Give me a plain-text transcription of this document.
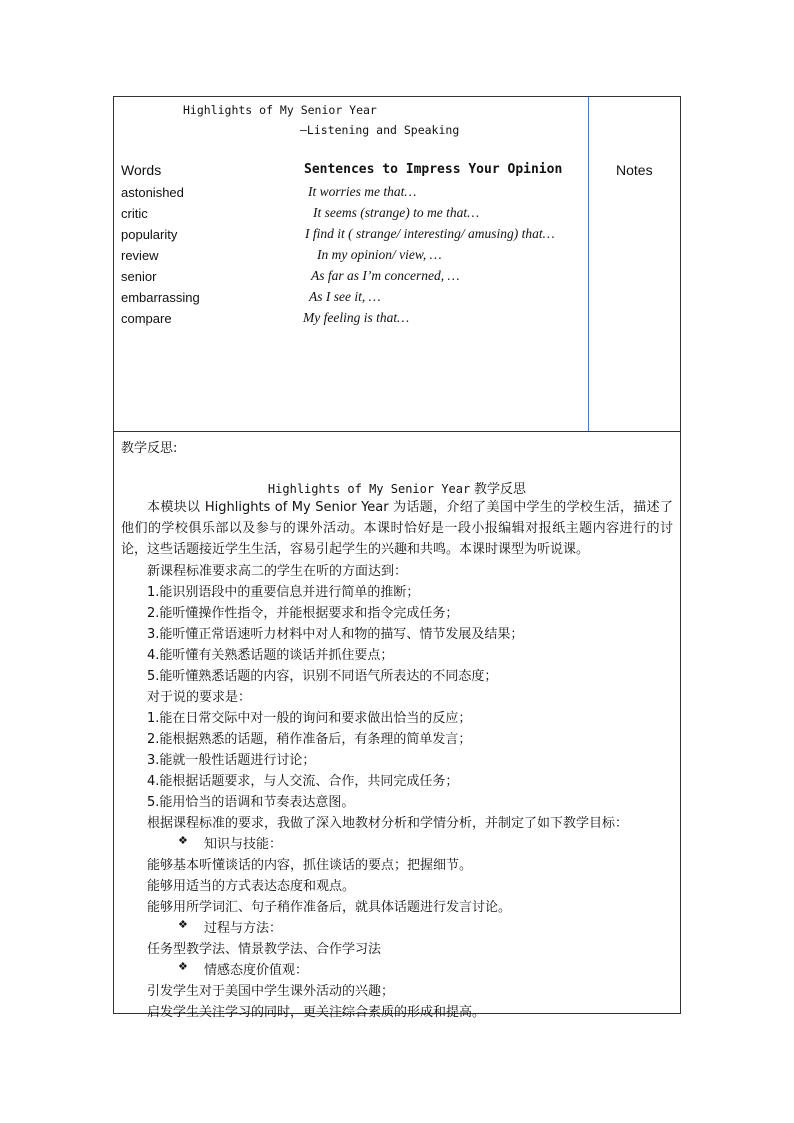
Highlights of My Senior Year
—Listening and Speaking
Words	Sentences to Impress Your Opinion	Notes
astonished
critic
popularity
review
senior
embarrassing
compare
It worries me that…
It seems (strange) to me that…
I find it ( strange/ interesting/ amusing) that…
In my opinion/ view, …
As far as I’m concerned, …
As I see it, …
My feeling is that…
教学反思:
Highlights of My Senior Year 教学反思
本模块以 Highlights of My Senior Year 为话题，介绍了美国中学生的学校生活，描述了他们的学校俱乐部以及参与的课外活动。本课时恰好是一段小报编辑对报纸主题内容进行的讨论，这些话题接近学生生活，容易引起学生的兴趣和共鸣。本课时课型为听说课。
新课程标准要求高二的学生在听的方面达到：
1.能识别语段中的重要信息并进行简单的推断；
2.能听懂操作性指令，并能根据要求和指令完成任务；
3.能听懂正常语速听力材料中对人和物的描写、情节发展及结果；
4.能听懂有关熟悉话题的谈话并抓住要点；
5.能听懂熟悉话题的内容，识别不同语气所表达的不同态度；
对于说的要求是：
1.能在日常交际中对一般的询问和要求做出恰当的反应；
2.能根据熟悉的话题，稍作准备后，有条理的简单发言；
3.能就一般性话题进行讨论；
4.能根据话题要求，与人交流、合作，共同完成任务；
5.能用恰当的语调和节奏表达意图。
根据课程标准的要求，我做了深入地教材分析和学情分析，并制定了如下教学目标：
❖ 知识与技能：
能够基本听懂谈话的内容，抓住谈话的要点；把握细节。
能够用适当的方式表达态度和观点。
能够用所学词汇、句子稍作准备后，就具体话题进行发言讨论。
❖ 过程与方法：
任务型教学法、情景教学法、合作学习法
❖ 情感态度价值观：
引发学生对于美国中学生课外活动的兴趣；
启发学生关注学习的同时，更关注综合素质的形成和提高。
